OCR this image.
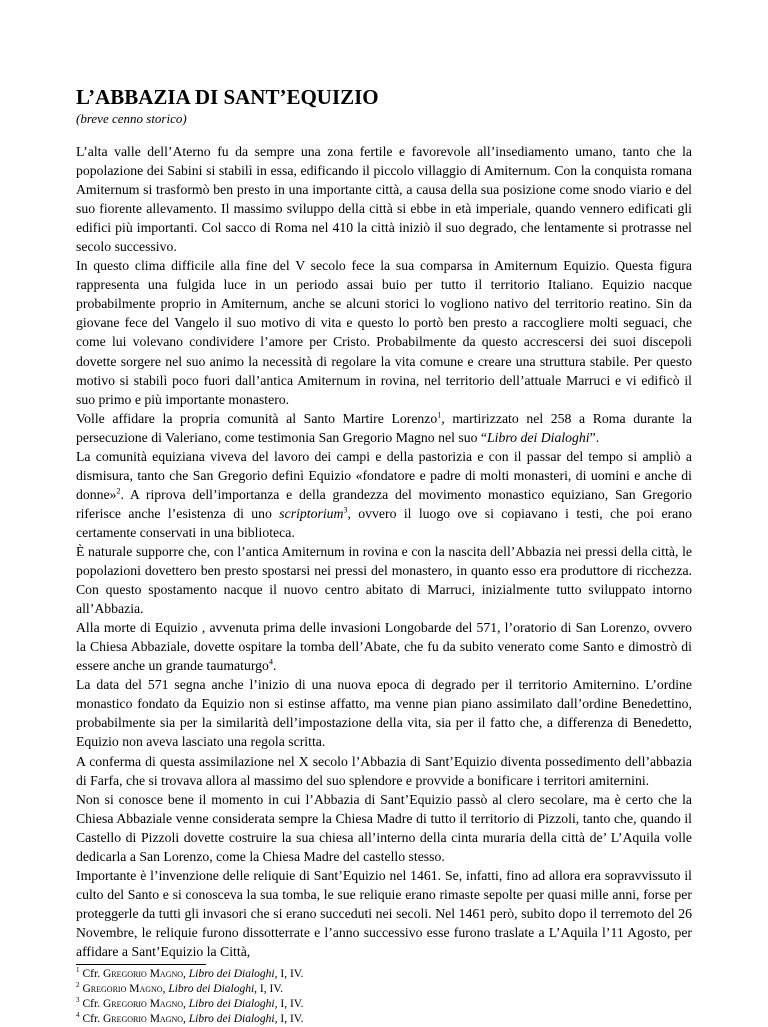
L’ABBAZIA DI SANT’EQUIZIO
(breve cenno storico)

L’alta valle dell’Aterno fu da sempre una zona fertile e favorevole all’insediamento umano, tanto che la popolazione dei Sabini si stabilì in essa, edificando il piccolo villaggio di Amiternum. Con la conquista romana Amiternum si trasformò ben presto in una importante città, a causa della sua posizione come snodo viario e del suo fiorente allevamento. Il massimo sviluppo della città si ebbe in età imperiale, quando vennero edificati gli edifici più importanti. Col sacco di Roma nel 410 la città iniziò il suo degrado, che lentamente si protrasse nel secolo successivo.

In questo clima difficile alla fine del V secolo fece la sua comparsa in Amiternum Equizio. Questa figura rappresenta una fulgida luce in un periodo assai buio per tutto il territorio Italiano. Equizio nacque probabilmente proprio in Amiternum, anche se alcuni storici lo vogliono nativo del territorio reatino. Sin da giovane fece del Vangelo il suo motivo di vita e questo lo portò ben presto a raccogliere molti seguaci, che come lui volevano condividere l’amore per Cristo. Probabilmente da questo accrescersi dei suoi discepoli dovette sorgere nel suo animo la necessità di regolare la vita comune e creare una struttura stabile. Per questo motivo si stabilì poco fuori dall’antica Amiternum in rovina, nel territorio dell’attuale Marruci e vi edificò il suo primo e più importante monastero.

Volle affidare la propria comunità al Santo Martire Lorenzo$^1$, martirizzato nel 258 a Roma durante la persecuzione di Valeriano, come testimonia San Gregorio Magno nel suo “Libro dei Dialoghi”.

La comunità equiziana viveva del lavoro dei campi e della pastorizia e con il passar del tempo si ampliò a dismisura, tanto che San Gregorio definì Equizio «fondatore e padre di molti monasteri, di uomini e anche di donne»$^2$. A riprova dell’importanza e della grandezza del movimento monastico equiziano, San Gregorio riferisce anche l’esistenza di uno scriptorium$^3$, ovvero il luogo ove si copiavano i testi, che poi erano certamente conservati in una biblioteca.

È naturale supporre che, con l’antica Amiternum in rovina e con la nascita dell’Abbazia nei pressi della città, le popolazioni dovettero ben presto spostarsi nei pressi del monastero, in quanto esso era produttore di ricchezza. Con questo spostamento nacque il nuovo centro abitato di Marruci, inizialmente tutto sviluppato intorno all’Abbazia.

Alla morte di Equizio , avvenuta prima delle invasioni Longobarde del 571, l’oratorio di San Lorenzo, ovvero la Chiesa Abbaziale, dovette ospitare la tomba dell’Abate, che fu da subito venerato come Santo e dimostrò di essere anche un grande taumaturgo$^4$.

La data del 571 segna anche l’inizio di una nuova epoca di degrado per il territorio Amiternino. L’ordine monastico fondato da Equizio non si estinse affatto, ma venne pian piano assimilato dall’ordine Benedettino, probabilmente sia per la similarità dell’impostazione della vita, sia per il fatto che, a differenza di Benedetto, Equizio non aveva lasciato una regola scritta.

A conferma di questa assimilazione nel X secolo l’Abbazia di Sant’Equizio diventa possedimento dell’abbazia di Farfa, che si trovava allora al massimo del suo splendore e provvide a bonificare i territori amiternini.

Non si conosce bene il momento in cui l’Abbazia di Sant’Equizio passò al clero secolare, ma è certo che la Chiesa Abbaziale venne considerata sempre la Chiesa Madre di tutto il territorio di Pizzoli, tanto che, quando il Castello di Pizzoli dovette costruire la sua chiesa all’interno della cinta muraria della città de’ L’Aquila volle dedicarla a San Lorenzo, come la Chiesa Madre del castello stesso.

Importante è l’invenzione delle reliquie di Sant’Equizio nel 1461. Se, infatti, fino ad allora era sopravvissuto il culto del Santo e si conosceva la sua tomba, le sue reliquie erano rimaste sepolte per quasi mille anni, forse per proteggerle da tutti gli invasori che si erano succeduti nei secoli. Nel 1461 però, subito dopo il terremoto del 26 Novembre, le reliquie furono dissotterrate e l’anno successivo esse furono traslate a L’Aquila l’11 Agosto, per affidare a Sant’Equizio la Città,

$^1$ Cfr. Gregorio Magno, Libro dei Dialoghi, I, IV.
$^2$ Gregorio Magno, Libro dei Dialoghi, I, IV.
$^3$ Cfr. Gregorio Magno, Libro dei Dialoghi, I, IV.
$^4$ Cfr. Gregorio Magno, Libro dei Dialoghi, I, IV.
